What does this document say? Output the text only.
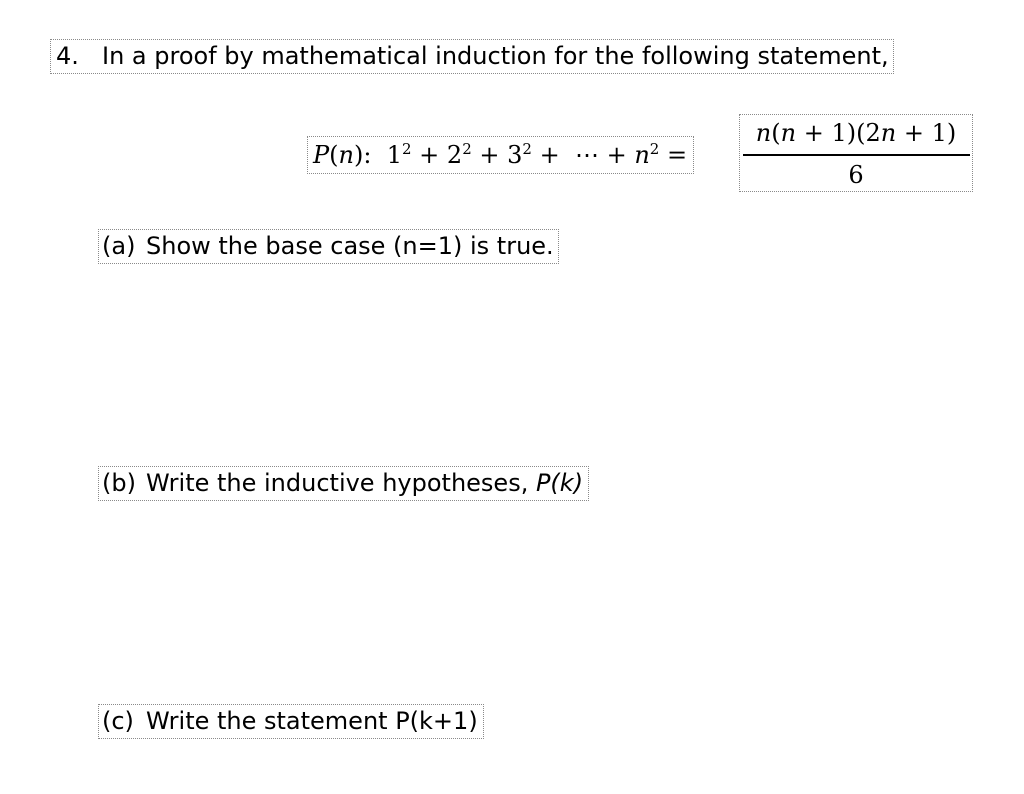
4. In a proof by mathematical induction for the following statement,
P(n): $1^2 + 2^2 + 3^2$ +  ⋯ + $n^2$ =
n(n + 1)(2n + 1)
6
(a) Show the base case (n=1) is true.
(b) Write the inductive hypotheses, P(k)
(c) Write the statement P(k+1)
